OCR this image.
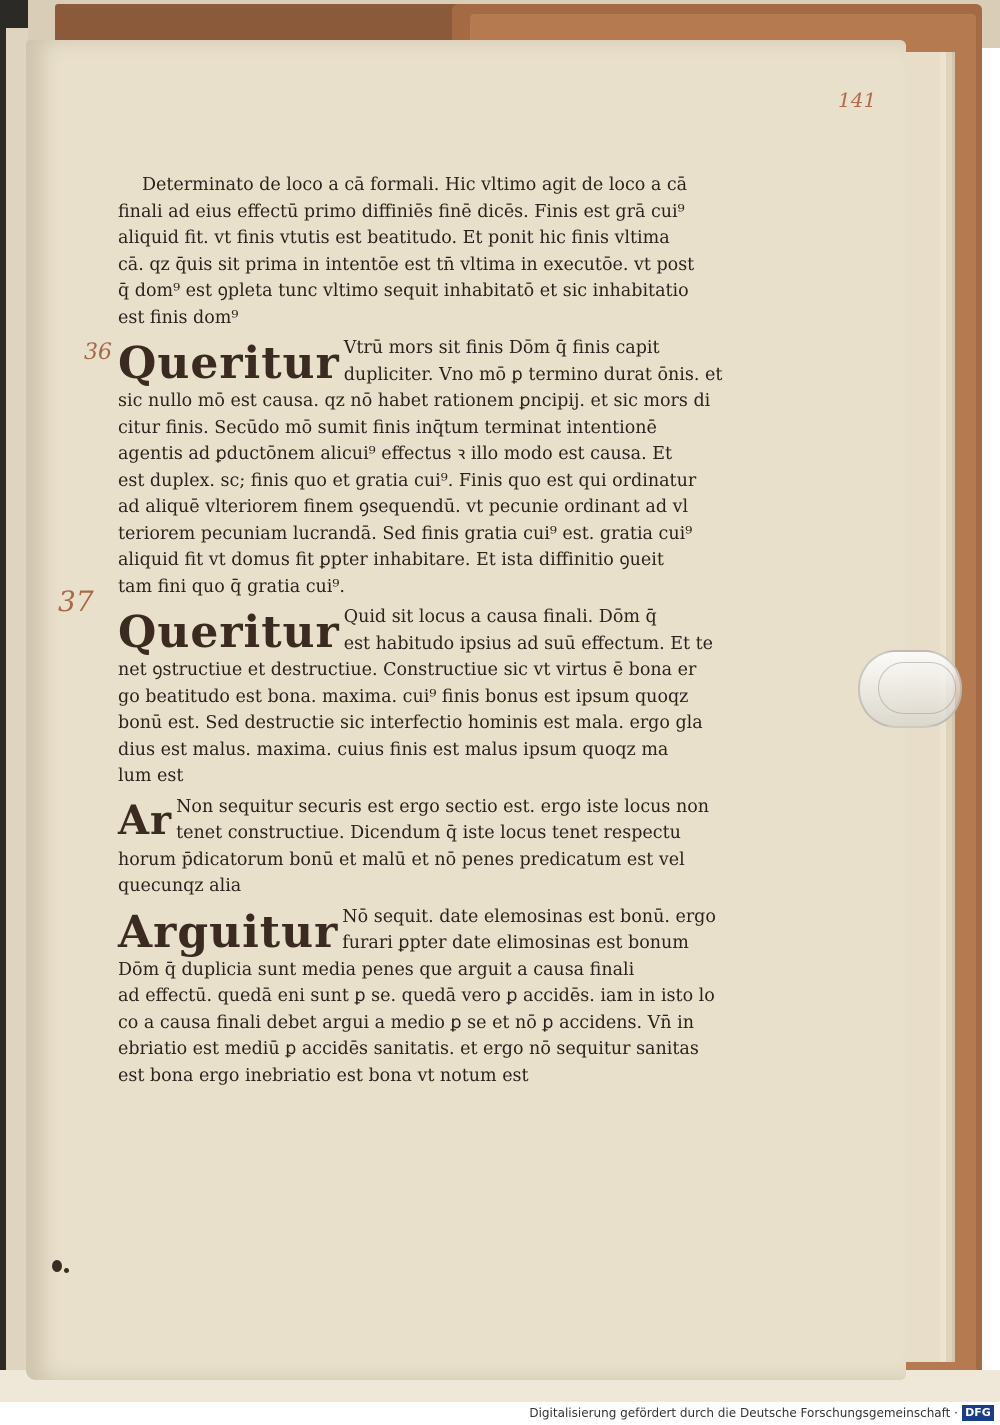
141
36
37
Determinato de loco a cā formali. Hic vltimo agit de loco a cā
finali ad eius effectū primo diffiniēs finē dicēs. Finis est grā cui⁹
aliquid fit. vt finis vtutis est beatitudo. Et ponit hic finis vltima
cā. qz q̄uis sit prima in intentōe est tn̄ vltima in executōe. vt post
q̄ dom⁹ est ꝯpleta tunc vltimo sequit inhabitatō et sic inhabitatio
est finis dom⁹
Queritur Vtrū mors sit finis Dōm q̄ finis capit
dupliciter. Vno mō ꝑ termino durat ōnis. et
sic nullo mō est causa. qz nō habet rationem ꝑncipij. et sic mors di
citur finis. Secūdo mō sumit finis inq̄tum terminat intentionē
agentis ad ꝑductōnem alicui⁹ effectus ꝛ illo modo est causa. Et
est duplex. sc; finis quo et gratia cui⁹. Finis quo est qui ordinatur
ad aliquē vlteriorem finem ꝯsequendū. vt pecunie ordinant ad vl
teriorem pecuniam lucrandā. Sed finis gratia cui⁹ est. gratia cui⁹
aliquid fit vt domus fit ꝑpter inhabitare. Et ista diffinitio ꝯueit
tam fini quo q̄ gratia cui⁹.
Queritur Quid sit locus a causa finali. Dōm q̄
est habitudo ipsius ad suū effectum. Et te
net ꝯstructiue et destructiue. Constructiue sic vt virtus ē bona er
go beatitudo est bona. maxima. cui⁹ finis bonus est ipsum quoqz
bonū est. Sed destructie sic interfectio hominis est mala. ergo gla
dius est malus. maxima. cuius finis est malus ipsum quoqz ma
lum est
Ar Non sequitur securis est ergo sectio est. ergo iste locus non
tenet constructiue. Dicendum q̄ iste locus tenet respectu
horum p̄dicatorum bonū et malū et nō penes predicatum est vel
quecunqz alia
Arguitur Nō sequit. date elemosinas est bonū. ergo
furari ꝑpter date elimosinas est bonum
Dōm q̄ duplicia sunt media penes que arguit a causa finali
ad effectū. quedā eni sunt ꝑ se. quedā vero ꝑ accidēs. iam in isto lo
co a causa finali debet argui a medio ꝑ se et nō ꝑ accidens. Vn̄ in
ebriatio est mediū ꝑ accidēs sanitatis. et ergo nō sequitur sanitas
est bona ergo inebriatio est bona vt notum est
Digitalisierung gefördert durch die Deutsche Forschungsgemeinschaft · DFG
